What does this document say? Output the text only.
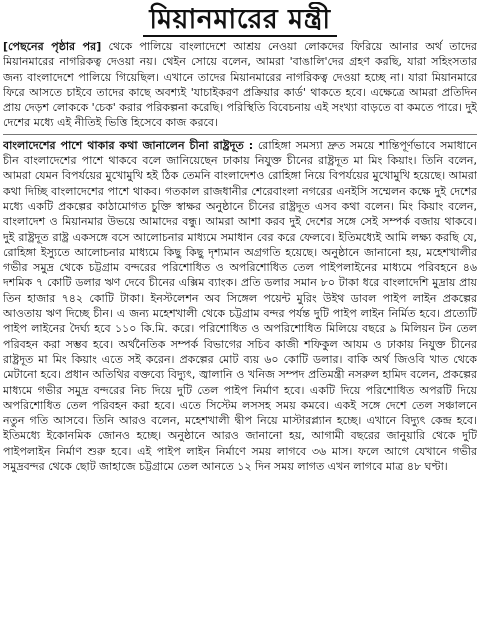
মিয়ানমারের মন্ত্রী

[পেছনের পৃষ্ঠার পর] থেকে পালিয়ে বাংলাদেশে আশ্রয় নেওয়া লোকদের ফিরিয়ে আনার অর্থ তাদের মিয়ানমারের নাগরিকত্ব দেওয়া নয়। থেইন সোয়ে বলেন, আমরা 'বাঙালি'দের গ্রহণ করছি, যারা সহিংসতার জন্য বাংলাদেশে পালিয়ে গিয়েছিল। এখানে তাদের মিয়ানমারের নাগরিকত্ব দেওয়া হচ্ছে না। যারা মিয়ানমারে ফিরে আসতে চাইবে তাদের কাছে অবশ্যই 'যাচাইকরণ প্রক্রিয়ার কার্ড' থাকতে হবে। এক্ষেত্রে আমরা প্রতিদিন প্রায় দেড়শ লোককে 'চেক' করার পরিকল্পনা করেছি। পরিস্থিতি বিবেচনায় এই সংখ্যা বাড়তে বা কমতে পারে। দুই দেশের মধ্যে এই নীতিই ভিত্তি হিসেবে কাজ করবে।

বাংলাদেশের পাশে থাকার কথা জানালেন চীনা রাষ্ট্রদূত : রোহিঙ্গা সমস্যা দ্রুত সময়ে শান্তিপূর্ণভাবে সমাধানে চীন বাংলাদেশের পাশে থাকবে বলে জানিয়েছেন ঢাকায় নিযুক্ত চীনের রাষ্ট্রদূত মা মিং কিয়াং। তিনি বলেন, আমরা যেমন বিপর্যয়ের মুখোমুখি হই ঠিক তেমনি বাংলাদেশও রোহিঙ্গা নিয়ে বিপর্যয়ের মুখোমুখি হয়েছে। আমরা কথা দিচ্ছি বাংলাদেশের পাশে থাকব। গতকাল রাজধানীর শেরেবাংলা নগরের এনইসি সম্মেলন কক্ষে দুই দেশের মধ্যে একটি প্রকল্পের কাঠামোগত চুক্তি স্বাক্ষর অনুষ্ঠানে চীনের রাষ্ট্রদূত এসব কথা বলেন। মিং কিয়াং বলেন, বাংলাদেশ ও মিয়ানমার উভয়ে আমাদের বন্ধু। আমরা আশা করব দুই দেশের সঙ্গে সেই সম্পর্ক বজায় থাকবে। দুই রাষ্ট্রদূত রাষ্ট্র একসঙ্গে বসে আলোচনার মাধ্যমে সমাধান বের করে ফেলবে। ইতিমধ্যেই আমি লক্ষ্য করছি যে, রোহিঙ্গা ইস্যুতে আলোচনার মাধ্যমে কিছু কিছু দৃশ্যমান অগ্রগতি হয়েছে। অনুষ্ঠানে জানানো হয়, মহেশখালীর গভীর সমুদ্র থেকে চট্টগ্রাম বন্দরের পরিশোধিত ও অপরিশোধিত তেল পাইপলাইনের মাধ্যমে পরিবহনে ৪৬ দশমিক ৭ কোটি ডলার ঋণ দেবে চীনের এক্সিম ব্যাংক। প্রতি ডলার সমান ৮০ টাকা ধরে বাংলাদেশি মুদ্রায় প্রায় তিন হাজার ৭৪২ কোটি টাকা। ইনস্টলেশন অব সিঙ্গেল পয়েন্ট মুরিং উইথ ডাবল পাইপ লাইন প্রকল্পের আওতায় ঋণ দিচ্ছে চীন। এ জন্য মহেশখালী থেকে চট্টগ্রাম বন্দর পর্যন্ত দুটি পাইপ লাইন নির্মিত হবে। প্রত্যেটি পাইপ লাইনের দৈর্ঘ্য হবে ১১০ কি.মি. করে। পরিশোধিত ও অপরিশোধিত মিলিয়ে বছরে ৯ মিলিয়ন টন তেল পরিবহন করা সম্ভব হবে। অর্থনৈতিক সম্পর্ক বিভাগের সচিব কাজী শফিকুল আযম ও ঢাকায় নিযুক্ত চীনের রাষ্ট্রদূত মা মিং কিয়াং এতে সই করেন। প্রকল্পের মোট ব্যয় ৬০ কোটি ডলার। বাকি অর্থ জিওবি খাত থেকে মেটানো হবে। প্রধান অতিথির বক্তব্যে বিদ্যুৎ, জ্বালানি ও খনিজ সম্পদ প্রতিমন্ত্রী নসরুল হামিদ বলেন, প্রকল্পের মাধ্যমে গভীর সমুদ্র বন্দরের নিচ দিয়ে দুটি তেল পাইপ নির্মাণ হবে। একটি দিয়ে পরিশোধিত অপরটি দিয়ে অপরিশোধিত তেল পরিবহন করা হবে। এতে সিস্টেম লসসহ সময় কমবে। একই সঙ্গে দেশে তেল সঞ্চালনে নতুন গতি আসবে। তিনি আরও বলেন, মহেশখালী দ্বীপ নিয়ে মাস্টারপ্ল্যান হচ্ছে। এখানে বিদ্যুৎ কেন্দ্র হবে। ইতিমধ্যে ইকোনমিক জোনও হচ্ছে। অনুষ্ঠানে আরও জানানো হয়, আগামী বছরের জানুয়ারি থেকে দুটি পাইপলাইন নির্মাণ শুরু হবে। এই পাইপ লাইন নির্মাণে সময় লাগবে ৩৬ মাস। ফলে আগে যেখানে গভীর সমুদ্রবন্দর থেকে ছোট জাহাজে চট্টগ্রামে তেল আনতে ১২ দিন সময় লাগত এখন লাগবে মাত্র ৪৮ ঘণ্টা।
